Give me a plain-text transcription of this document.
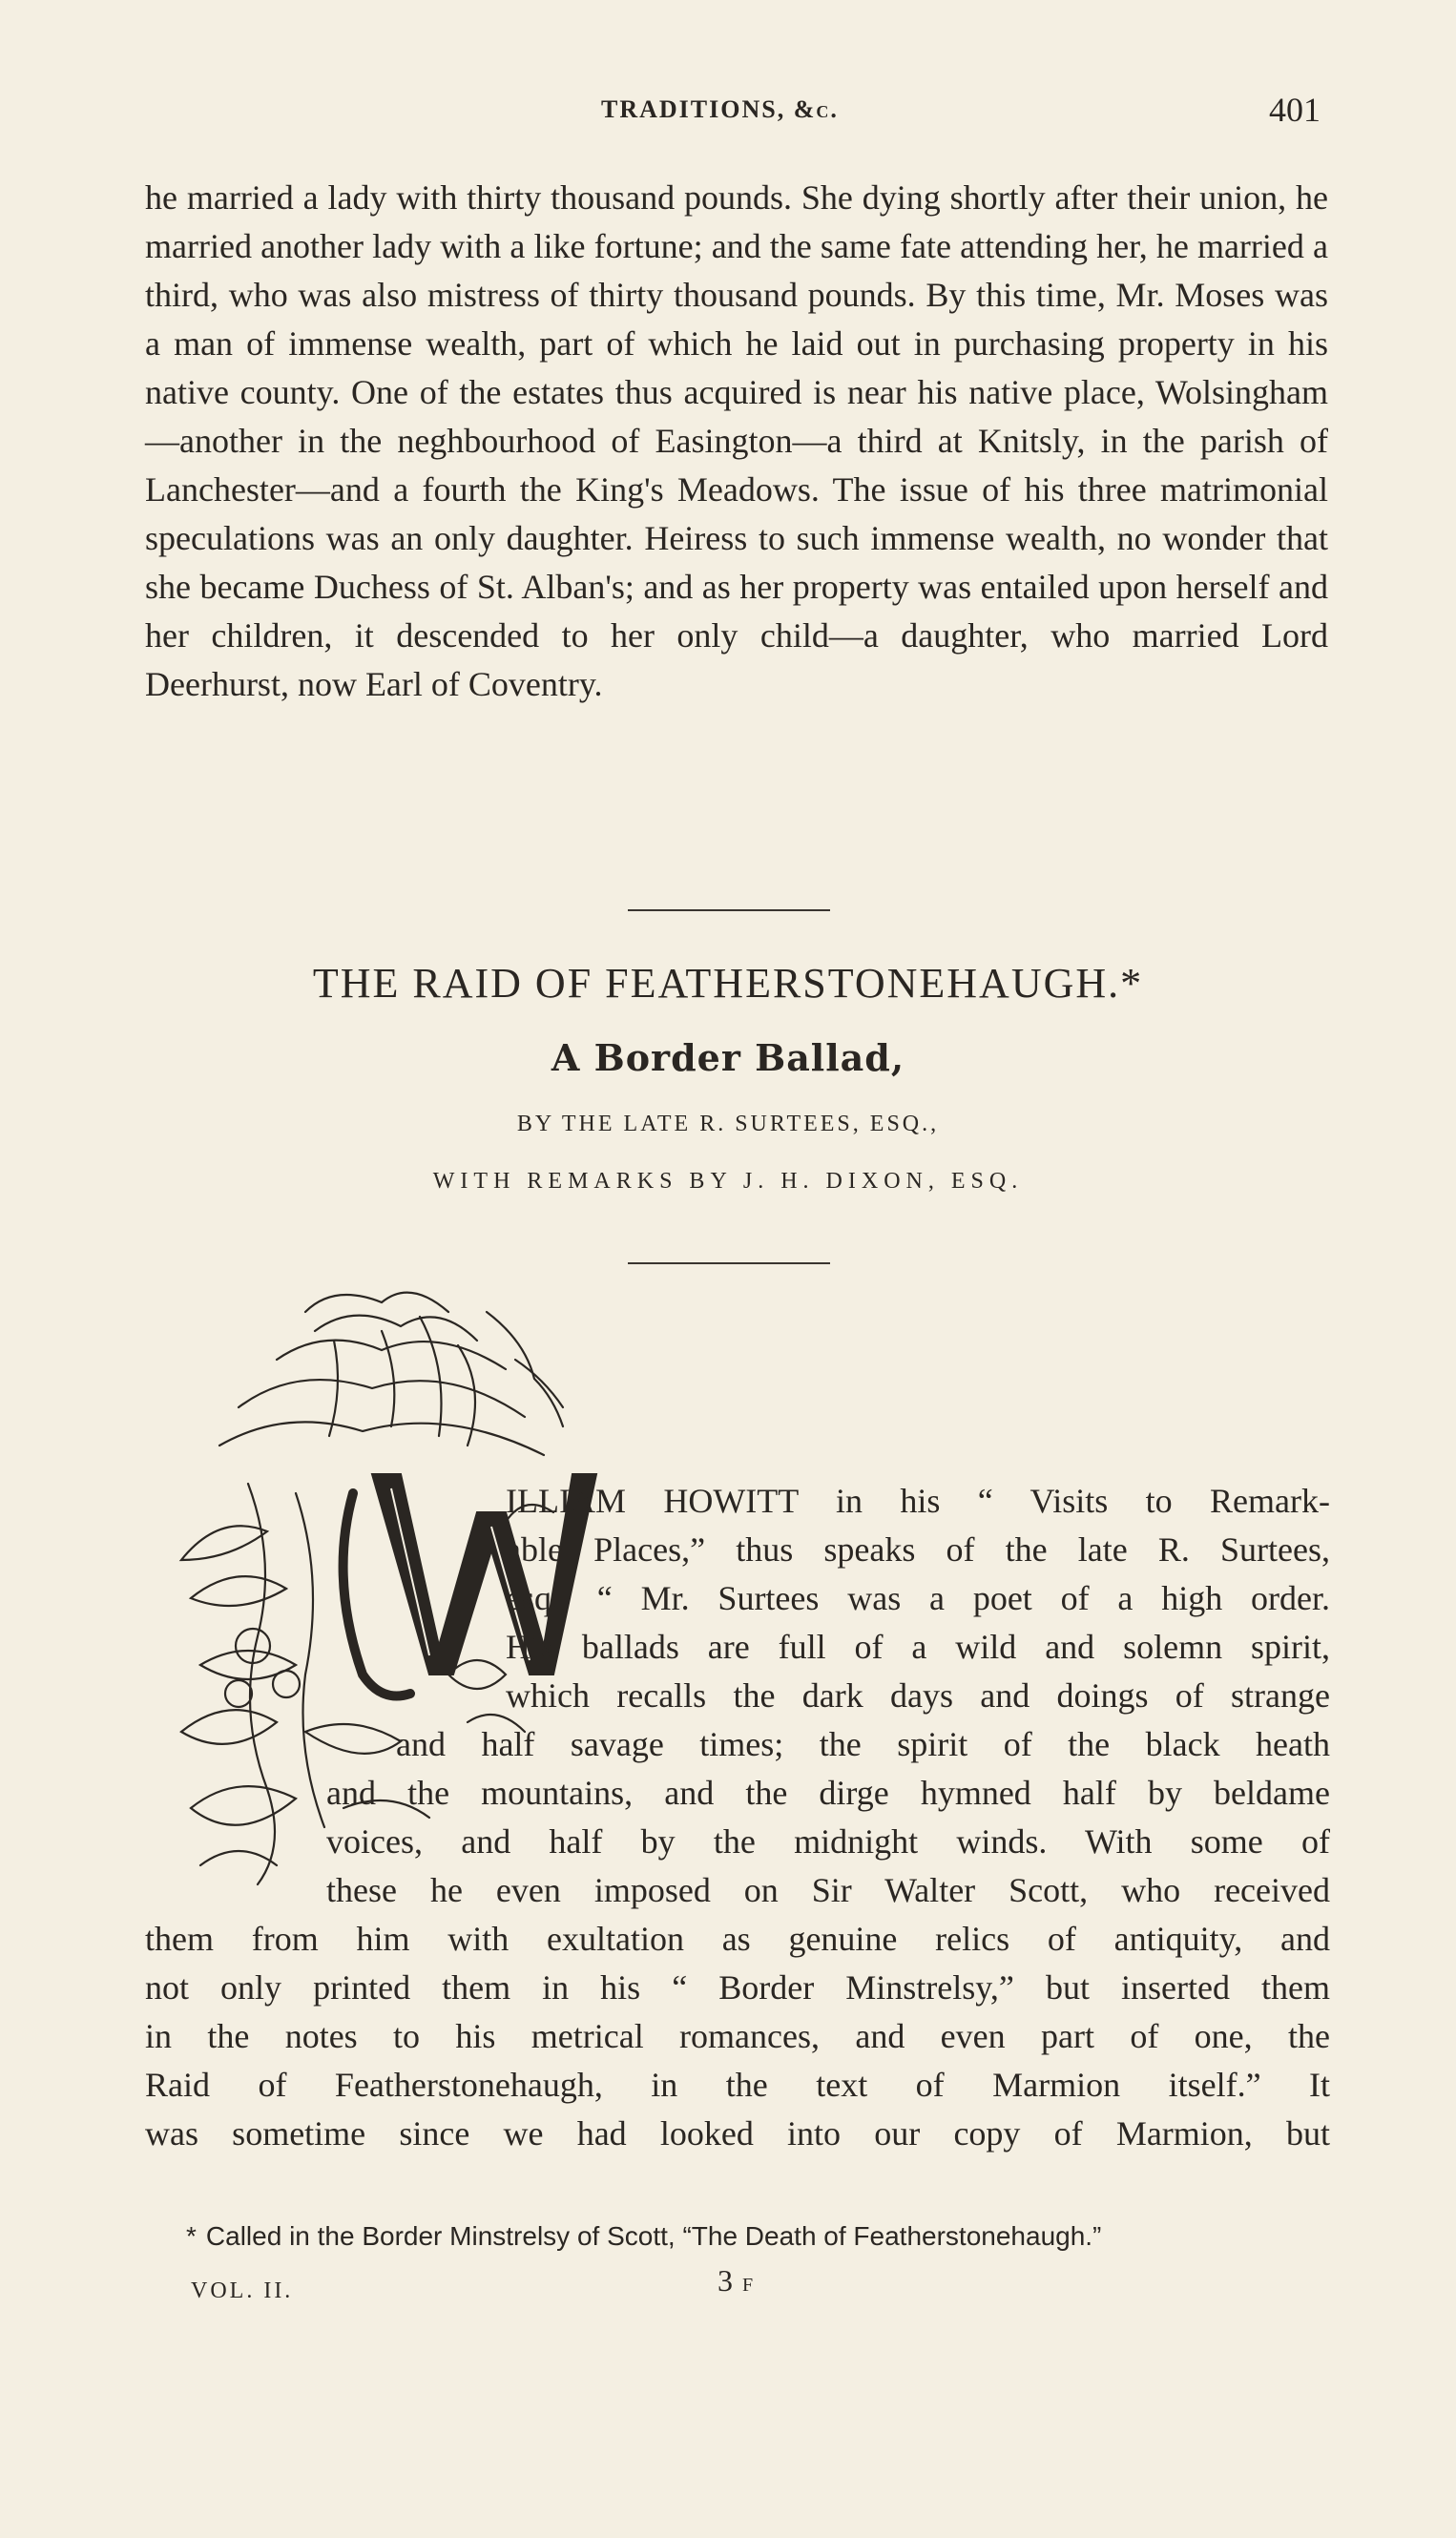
TRADITIONS, &c.	401
he married a lady with thirty thousand pounds. She dying shortly after their union, he married another lady with a like fortune; and the same fate attending her, he married a third, who was also mistress of thirty thousand pounds. By this time, Mr. Moses was a man of immense wealth, part of which he laid out in purchasing property in his native county. One of the estates thus acquired is near his native place, Wolsingham—another in the neghbourhood of Easington—a third at Knitsly, in the parish of Lanchester—and a fourth the King's Meadows. The issue of his three matrimonial speculations was an only daughter. Heiress to such immense wealth, no wonder that she became Duchess of St. Alban's; and as her property was entailed upon herself and her children, it descended to her only child—a daughter, who married Lord Deerhurst, now Earl of Coventry.
THE RAID OF FEATHERSTONEHAUGH.*
A Border Ballad,
BY THE LATE R. SURTEES, ESQ.,
WITH REMARKS BY J. H. DIXON, ESQ.
ILLIAM HOWITT in his “ Visits to Remark-
able Places,” thus speaks of the late R. Surtees,
esq., “ Mr. Surtees was a poet of a high order.
His ballads are full of a wild and solemn spirit,
which recalls the dark days and doings of strange
and half savage times; the spirit of the black heath
and the mountains, and the dirge hymned half by beldame
voices, and half by the midnight winds. With some of
these he even imposed on Sir Walter Scott, who received
them from him with exultation as genuine relics of antiquity, and
not only printed them in his “ Border Minstrelsy,” but inserted them
in the notes to his metrical romances, and even part of one, the
Raid of Featherstonehaugh, in the text of Marmion itself.” It
was sometime since we had looked into our copy of Marmion, but
* Called in the Border Minstrelsy of Scott, “The Death of Featherstonehaugh.”
VOL. II.	3 F
